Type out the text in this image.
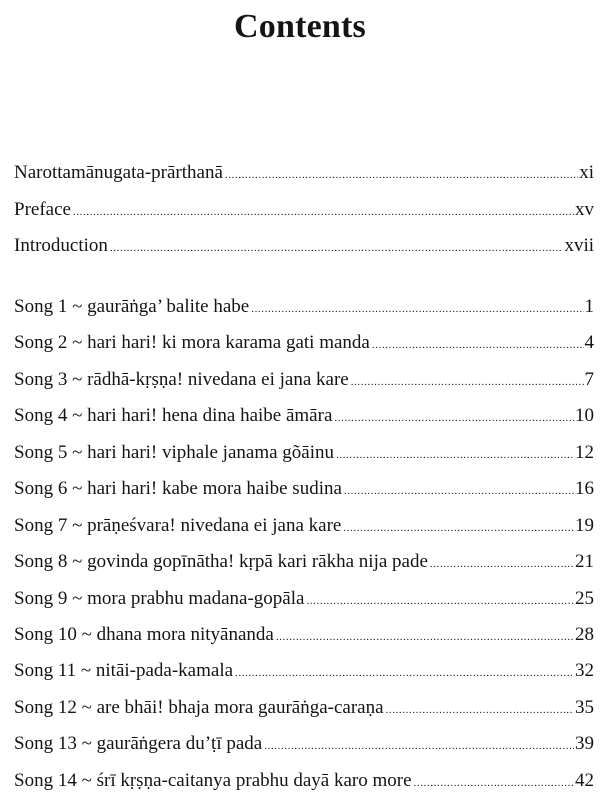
Contents
Narottamānugata-prārthanā .....	xi
Preface .....	xv
Introduction .....	xvii
Song 1 ~ gaurāṅga’ balite habe .....	1
Song 2 ~ hari hari! ki mora karama gati manda .....	4
Song 3 ~ rādhā-kṛṣṇa! nivedana ei jana kare .....	7
Song 4 ~ hari hari! hena dina haibe āmāra .....	10
Song 5 ~ hari hari! viphale janama gõāinu .....	12
Song 6 ~ hari hari! kabe mora haibe sudina .....	16
Song 7 ~ prāṇeśvara! nivedana ei jana kare .....	19
Song 8 ~ govinda gopīnātha! kṛpā kari rākha nija pade .....	21
Song 9 ~ mora prabhu madana-gopāla .....	25
Song 10 ~ dhana mora nityānanda .....	28
Song 11 ~ nitāi-pada-kamala .....	32
Song 12 ~ are bhāi! bhaja mora gaurāṅga-caraṇa .....	35
Song 13 ~ gaurāṅgera du’ṭī pada .....	39
Song 14 ~ śrī kṛṣṇa-caitanya prabhu dayā karo more .....	42
